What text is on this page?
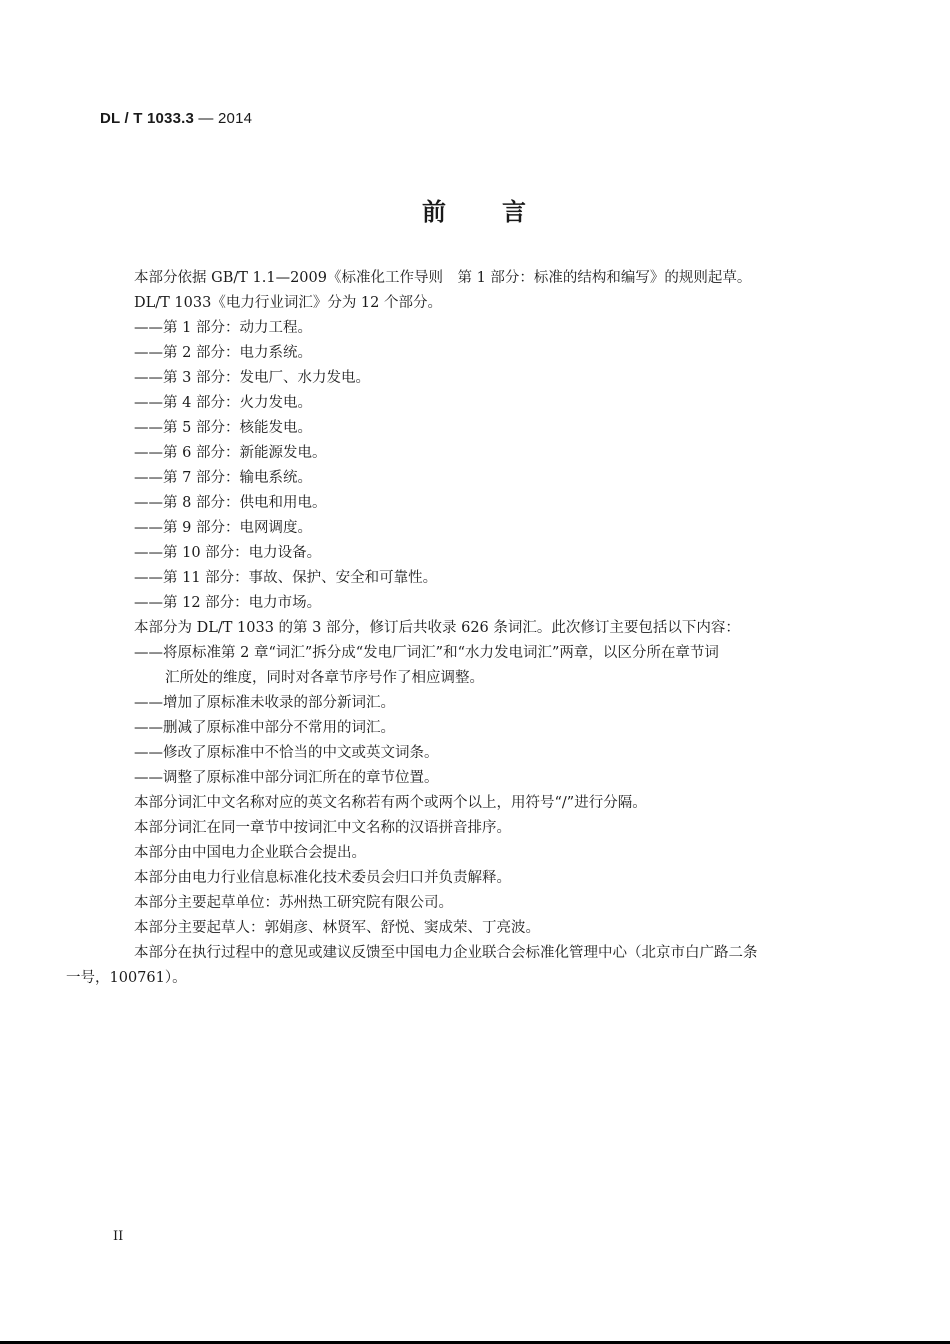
DL / T 1033.3 — 2014
前 言
本部分依据 GB/T 1.1—2009《标准化工作导则　第 1 部分：标准的结构和编写》的规则起草。
DL/T 1033《电力行业词汇》分为 12 个部分。
——第 1 部分：动力工程。
——第 2 部分：电力系统。
——第 3 部分：发电厂、水力发电。
——第 4 部分：火力发电。
——第 5 部分：核能发电。
——第 6 部分：新能源发电。
——第 7 部分：输电系统。
——第 8 部分：供电和用电。
——第 9 部分：电网调度。
——第 10 部分：电力设备。
——第 11 部分：事故、保护、安全和可靠性。
——第 12 部分：电力市场。
本部分为 DL/T 1033 的第 3 部分，修订后共收录 626 条词汇。此次修订主要包括以下内容：
——将原标准第 2 章“词汇”拆分成“发电厂词汇”和“水力发电词汇”两章，以区分所在章节词
汇所处的维度，同时对各章节序号作了相应调整。
——增加了原标准未收录的部分新词汇。
——删减了原标准中部分不常用的词汇。
——修改了原标准中不恰当的中文或英文词条。
——调整了原标准中部分词汇所在的章节位置。
本部分词汇中文名称对应的英文名称若有两个或两个以上，用符号“/”进行分隔。
本部分词汇在同一章节中按词汇中文名称的汉语拼音排序。
本部分由中国电力企业联合会提出。
本部分由电力行业信息标准化技术委员会归口并负责解释。
本部分主要起草单位：苏州热工研究院有限公司。
本部分主要起草人：郭娟彦、林贤军、舒悦、窦成荣、丁亮波。
本部分在执行过程中的意见或建议反馈至中国电力企业联合会标准化管理中心（北京市白广路二条
一号，100761）。
II
